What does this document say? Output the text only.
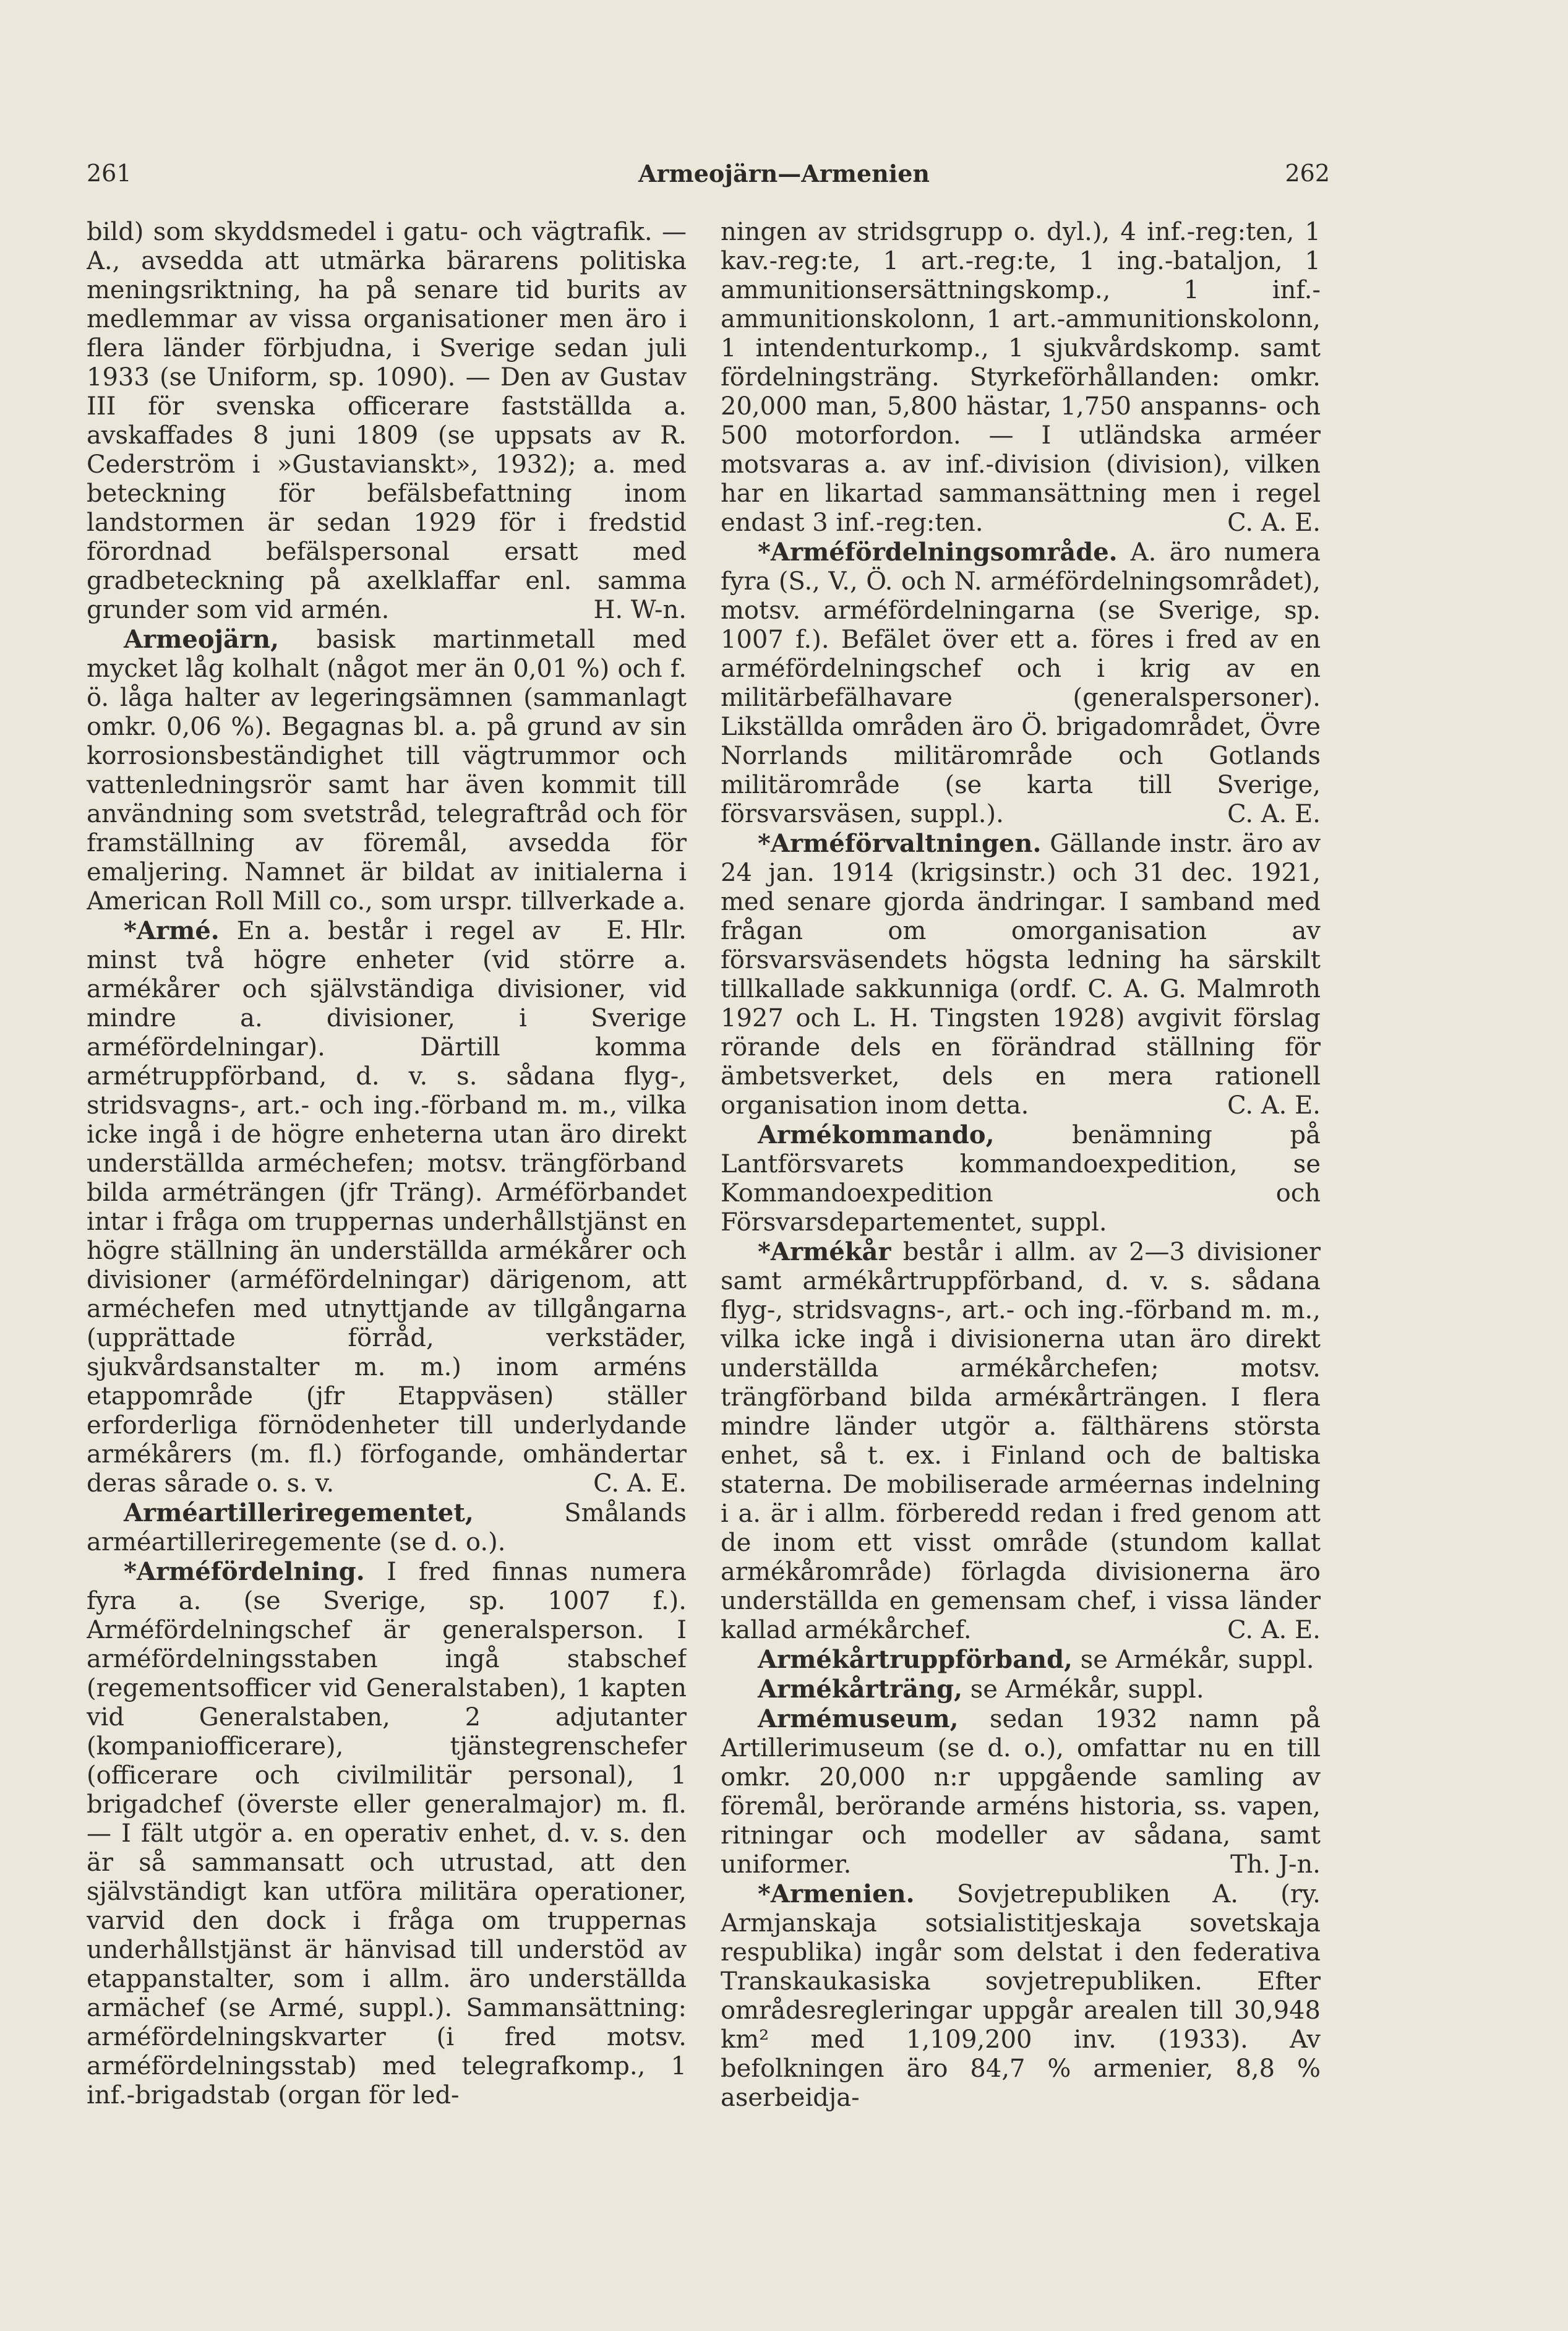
261	Armeojärn—Armenien	262

bild) som skyddsmedel i gatu- och vägtrafik. — A., avsedda att utmärka bärarens politiska meningsriktning, ha på senare tid burits av medlemmar av vissa organisationer men äro i flera länder förbjudna, i Sverige sedan juli 1933 (se Uniform, sp. 1090). — Den av Gustav III för svenska officerare fastställda a. avskaffades 8 juni 1809 (se uppsats av R. Cederström i »Gustavianskt», 1932); a. med beteckning för befälsbefattning inom landstormen är sedan 1929 för i fredstid förordnad befälspersonal ersatt med gradbeteckning på axelklaffar enl. samma grunder som vid armén.	H. W-n.

Armeojärn, basisk martinmetall med mycket låg kolhalt (något mer än 0,01 %) och f. ö. låga halter av legeringsämnen (sammanlagt omkr. 0,06 %). Begagnas bl. a. på grund av sin korrosionsbeständighet till vägtrummor och vattenledningsrör samt har även kommit till användning som svetstråd, telegraftråd och för framställning av föremål, avsedda för emaljering. Namnet är bildat av initialerna i American Roll Mill co., som urspr. tillverkade a.
E. Hlr.

*Armé. En a. består i regel av minst två högre enheter (vid större a. armékårer och självständiga divisioner, vid mindre a. divisioner, i Sverige arméfördelningar). Därtill komma armétruppförband, d. v. s. sådana flyg-, stridsvagns-, art.- och ing.-förband m. m., vilka icke ingå i de högre enheterna utan äro direkt underställda arméchefen; motsv. trängförband bilda arméträngen (jfr Träng). Arméförbandet intar i fråga om truppernas underhållstjänst en högre ställning än underställda armékårer och divisioner (arméfördelningar) därigenom, att arméchefen med utnyttjande av tillgångarna (upprättade förråd, verkstäder, sjukvårdsanstalter m. m.) inom arméns etappområde (jfr Etappväsen) ställer erforderliga förnödenheter till underlydande armékårers (m. fl.) förfogande, omhändertar deras sårade o. s. v.	C. A. E.

Arméartilleriregementet, Smålands arméartilleriregemente (se d. o.).

*Arméfördelning. I fred finnas numera fyra a. (se Sverige, sp. 1007 f.). Arméfördelningschef är generalsperson. I arméfördelningsstaben ingå stabschef (regementsofficer vid Generalstaben), 1 kapten vid Generalstaben, 2 adjutanter (kompaniofficerare), tjänstegrenschefer (officerare och civilmilitär personal), 1 brigadchef (överste eller generalmajor) m. fl. — I fält utgör a. en operativ enhet, d. v. s. den är så sammansatt och utrustad, att den självständigt kan utföra militära operationer, varvid den dock i fråga om truppernas underhållstjänst är hänvisad till understöd av etappanstalter, som i allm. äro underställda armächef (se Armé, suppl.). Sammansättning: arméfördelningskvarter (i fred motsv. arméfördelningsstab) med telegrafkomp., 1 inf.-brigadstab (organ för led-

ningen av stridsgrupp o. dyl.), 4 inf.-reg:ten, 1 kav.-reg:te, 1 art.-reg:te, 1 ing.-bataljon, 1 ammunitionsersättningskomp., 1 inf.-ammunitionskolonn, 1 art.-ammunitionskolonn, 1 intendenturkomp., 1 sjukvårdskomp. samt fördelningsträng. Styrkeförhållanden: omkr. 20,000 man, 5,800 hästar, 1,750 anspanns- och 500 motorfordon. — I utländska arméer motsvaras a. av inf.-division (division), vilken har en likartad sammansättning men i regel endast 3 inf.-reg:ten.	C. A. E.

*Arméfördelningsområde. A. äro numera fyra (S., V., Ö. och N. arméfördelningsområdet), motsv. arméfördelningarna (se Sverige, sp. 1007 f.). Befälet över ett a. föres i fred av en arméfördelningschef och i krig av en militärbefälhavare (generalspersoner). Likställda områden äro Ö. brigadområdet, Övre Norrlands militärområde och Gotlands militärområde (se karta till Sverige, försvarsväsen, suppl.).	C. A. E.

*Arméförvaltningen. Gällande instr. äro av 24 jan. 1914 (krigsinstr.) och 31 dec. 1921, med senare gjorda ändringar. I samband med frågan om omorganisation av försvarsväsendets högsta ledning ha särskilt tillkallade sakkunniga (ordf. C. A. G. Malmroth 1927 och L. H. Tingsten 1928) avgivit förslag rörande dels en förändrad ställning för ämbetsverket, dels en mera rationell organisation inom detta.	C. A. E.

Armékommando, benämning på Lantförsvarets kommandoexpedition, se Kommandoexpedition och Försvarsdepartementet, suppl.

*Armékår består i allm. av 2—3 divisioner samt armékårtruppförband, d. v. s. sådana flyg-, stridsvagns-, art.- och ing.-förband m. m., vilka icke ingå i divisionerna utan äro direkt underställda armékårchefen; motsv. trängförband bilda arméкårträngen. I flera mindre länder utgör a. fälthärens största enhet, så t. ex. i Finland och de baltiska staterna. De mobiliserade arméernas indelning i a. är i allm. förberedd redan i fred genom att de inom ett visst område (stundom kallat armékårområde) förlagda divisionerna äro underställda en gemensam chef, i vissa länder kallad armékårchef.	C. A. E.

Armékårtruppförband, se Armékår, suppl.

Armékårträng, se Armékår, suppl.

Armémuseum, sedan 1932 namn på Artillerimuseum (se d. o.), omfattar nu en till omkr. 20,000 n:r uppgående samling av föremål, berörande arméns historia, ss. vapen, ritningar och modeller av sådana, samt uniformer.	Th. J-n.

*Armenien. Sovjetrepubliken A. (ry. Armjanskaja sotsialistitjeskaja sovetskaja respublika) ingår som delstat i den federativa Transkaukasiska sovjetrepubliken. Efter områdesregleringar uppgår arealen till 30,948 km² med 1,109,200 inv. (1933). Av befolkningen äro 84,7 % armenier, 8,8 % aserbeidja-
